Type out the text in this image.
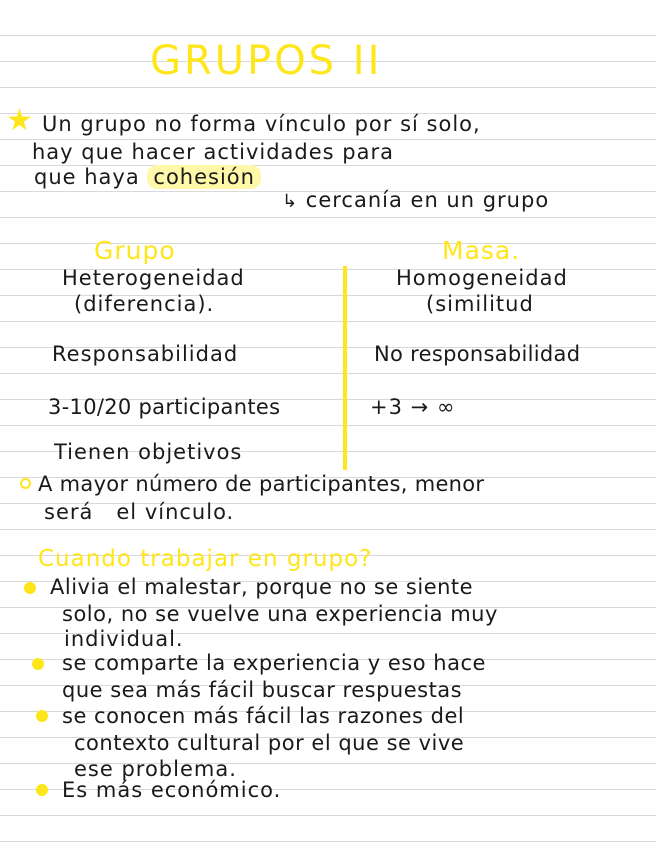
GRUPOS II
★ Un grupo no forma vínculo por sí solo,
hay que hacer actividades para
que haya cohesión
↳ cercanía en un grupo
Grupo	Masa.
Heterogeneidad	Homogeneidad
(diferencia).	(similitud
Responsabilidad	No responsabilidad
3-10/20 participantes	+3 → ∞
Tienen objetivos
A mayor número de participantes, menor
será   el vínculo.
Cuando trabajar en grupo?
Alivia el malestar, porque no se siente
solo, no se vuelve una experiencia muy
individual.
se comparte la experiencia y eso hace
que sea más fácil buscar respuestas
se conocen más fácil las razones del
contexto cultural por el que se vive
ese problema.
Es más económico.
